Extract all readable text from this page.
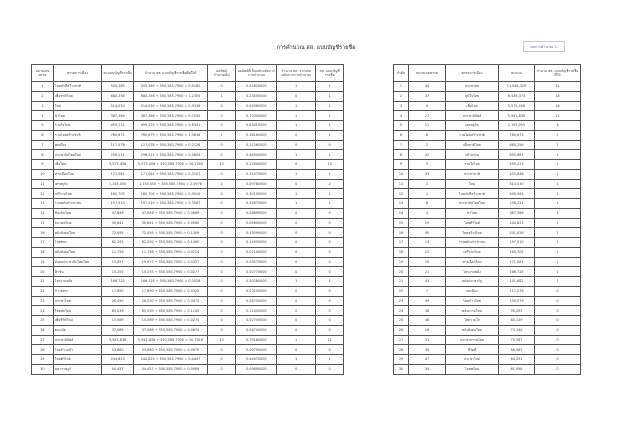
การคำนวณ สส. แบบบัญชีรายชื่อ	ผลการคำนวณ ①
หมายเลขพรรค	พรรคการเมือง	คะแนนบัญชีรายชื่อ	จำนวน สส. แบบบัญชีรายชื่อพึงมีได้	ผลลัพธ์จำนวนเต็ม	ผลลัพธ์ที่เป็นเศษ ผลัดจากการคำนวณ	จำนวน สส. จากเศษ ผลัดจากการคำนวณ	สส. แบบบัญชีรายชื่อ
1	ไทยภักดีสร้างชาติ	505,565	505,565 ÷ 550,585.7900 = 0.9182	0	0.91820000	1	1
2	เพื่อชาติไทย	680,256	680,256 ÷ 550,585.7900 = 1.2355	1	0.23550000	0	1
3	ใหม่	514,030	514,030 ÷ 550,585.7900 = 0.9336	0	0.93360000	1	1
4	นิวไทย	387,366	387,366 ÷ 550,585.7900 = 0.7035	0	0.70350000	1	1
5	รวมใจไทย	459,225	459,225 ÷ 550,585.7900 = 0.8341	0	0.83410000	1	1
6	รวมไทยสร้างชาติ	760,675	760,675 ÷ 550,585.7900 = 1.3816	1	0.38160000	0	1
7	พลเมือง	117,078	117,078 ÷ 550,585.7900 = 0.2126	0	0.21260000	0	0
8	ประชาธิปไตยใหม่	256,221	256,221 ÷ 550,585.7900 = 0.4654	0	0.46540000	1	1
9	เพื่อไทย	5,575,456	5,575,456 ÷ 550,585.7900 = 10.1264	10	0.12640000	0	10
10	ทางเลือกใหม่	171,061	171,061 ÷ 550,585.7900 = 0.3107	0	0.31070000	1	1
11	เศรษฐกิจ	1,155,055	1,155,055 ÷ 550,585.7900 = 2.0978	2	0.09780000	0	2
12	เสรีรวมไทย	165,705	165,705 ÷ 550,585.7900 = 0.3010	0	0.30100000	1	1
13	รวมพลังประชาชน	197,510	197,510 ÷ 550,585.7900 = 0.3587	0	0.35870000	1	1
14	ท้องถิ่นไทย	47,846	47,846 ÷ 550,585.7900 = 0.0869	0	0.08690000	0	0
15	อนาคตไทย	30,841	30,841 ÷ 550,585.7900 = 0.0560	0	0.05600000	0	0
16	พลังสังคมใหม่	72,095	72,095 ÷ 550,585.7900 = 0.1309	0	0.13090000	0	0
17	ไทยชนะ	82,292	82,292 ÷ 550,585.7900 = 0.1495	0	0.14950000	0	0
18	พลังสังคมใหม่	11,756	11,756 ÷ 550,585.7900 = 0.0214	0	0.02140000	0	0
19	สังคมประชาธิปไตยไทย	19,657	19,657 ÷ 550,585.7900 = 0.0357	0	0.03570000	0	0
20	ฟิวชัน	15,255	15,255 ÷ 550,585.7900 = 0.0277	0	0.02770000	0	0
21	ไทรงามพลัง	166,725	166,725 ÷ 550,585.7900 = 0.3028	0	0.30280000	1	1
22	ก้าวอิสระ	17,890	17,890 ÷ 550,585.7900 = 0.0325	0	0.03250000	0	0
23	ประชาไทย	26,050	26,050 ÷ 550,585.7900 = 0.0473	0	0.04730000	0	0
24	ไทยชัยใหม่	63,039	63,039 ÷ 550,585.7900 = 0.1145	0	0.11450000	0	0
25	เพื่อชีวิตใหม่	15,089	15,089 ÷ 550,585.7900 = 0.0274	0	0.02740000	0	0
26	คนถนัด	37,088	37,088 ÷ 550,585.7900 = 0.0674	0	0.06740000	0	0
27	ประชาธิปัตย์	5,941,838	5,941,838 ÷ 550,585.7900 = 10.7918	10	0.79180000	1	11
28	ไทยก้าวหน้า	53,880	53,880 ÷ 550,585.7900 = 0.0979	0	0.09790000	0	0
29	ไทยศิวิไลย์	244,823	244,823 ÷ 550,585.7900 = 0.4447	0	0.44470000	1	1
30	มหาราษฎร์	54,457	54,457 ÷ 550,585.7900 = 0.0989	0	0.09890000	0	0
ลำดับ	หมายเลขพรรค	พรรคการเมือง	คะแนน	จำนวน สส. แบบบัญชีรายชื่อ ที่ได้
1	44	ประชาชน	11,065,319	32
2	37	ภูมิใจไทย	6,446,073	18
3	9	เพื่อไทย	5,575,456	16
4	27	ประชาธิปัตย์	5,941,838	11
5	11	เศรษฐกิจ	1,155,055	3
6	6	รวมไทยสร้างชาติ	760,675	2
7	2	เพื่อชาติไทย	680,256	1
8	42	กล้าธรรม	645,661	1
9	5	รวมใจไทย	459,225	1
10	33	ประชาชาติ	435,848	1
11	3	ใหม่	514,030	1
12	1	ไทยภักดีสร้างชาติ	505,565	1
13	8	ประชาธิปไตยใหม่	256,221	1
14	4	นิวไทย	387,366	1
15	29	ไทยศิวิไลย์	244,823	1
16	40	ไทยสร้างไทย	201,626	1
17	13	รวมพลังประชาชน	197,510	1
18	12	เสรีรวมไทย	165,705	1
19	10	ทางเลือกใหม่	171,061	1
20	21	ไทรงามพลัง	166,725	1
21	43	พลังประชารัฐ	141,682	1
22	7	พลเมือง	117,078	0
23	49	ไทยก้าวใหม่	109,579	0
24	38	พลังธรรมใหม่	90,255	0
25	46	ไทยรวมใจ	80,139	0
26	16	พลังสังคมใหม่	73,190	0
27	31	ประชาธรรมไทย	70,567	0
28	35	ชีวิตดี	68,582	0
29	47	ประชาไทย	64,251	0
30	34	ไทยพร้อม	61,958	0
